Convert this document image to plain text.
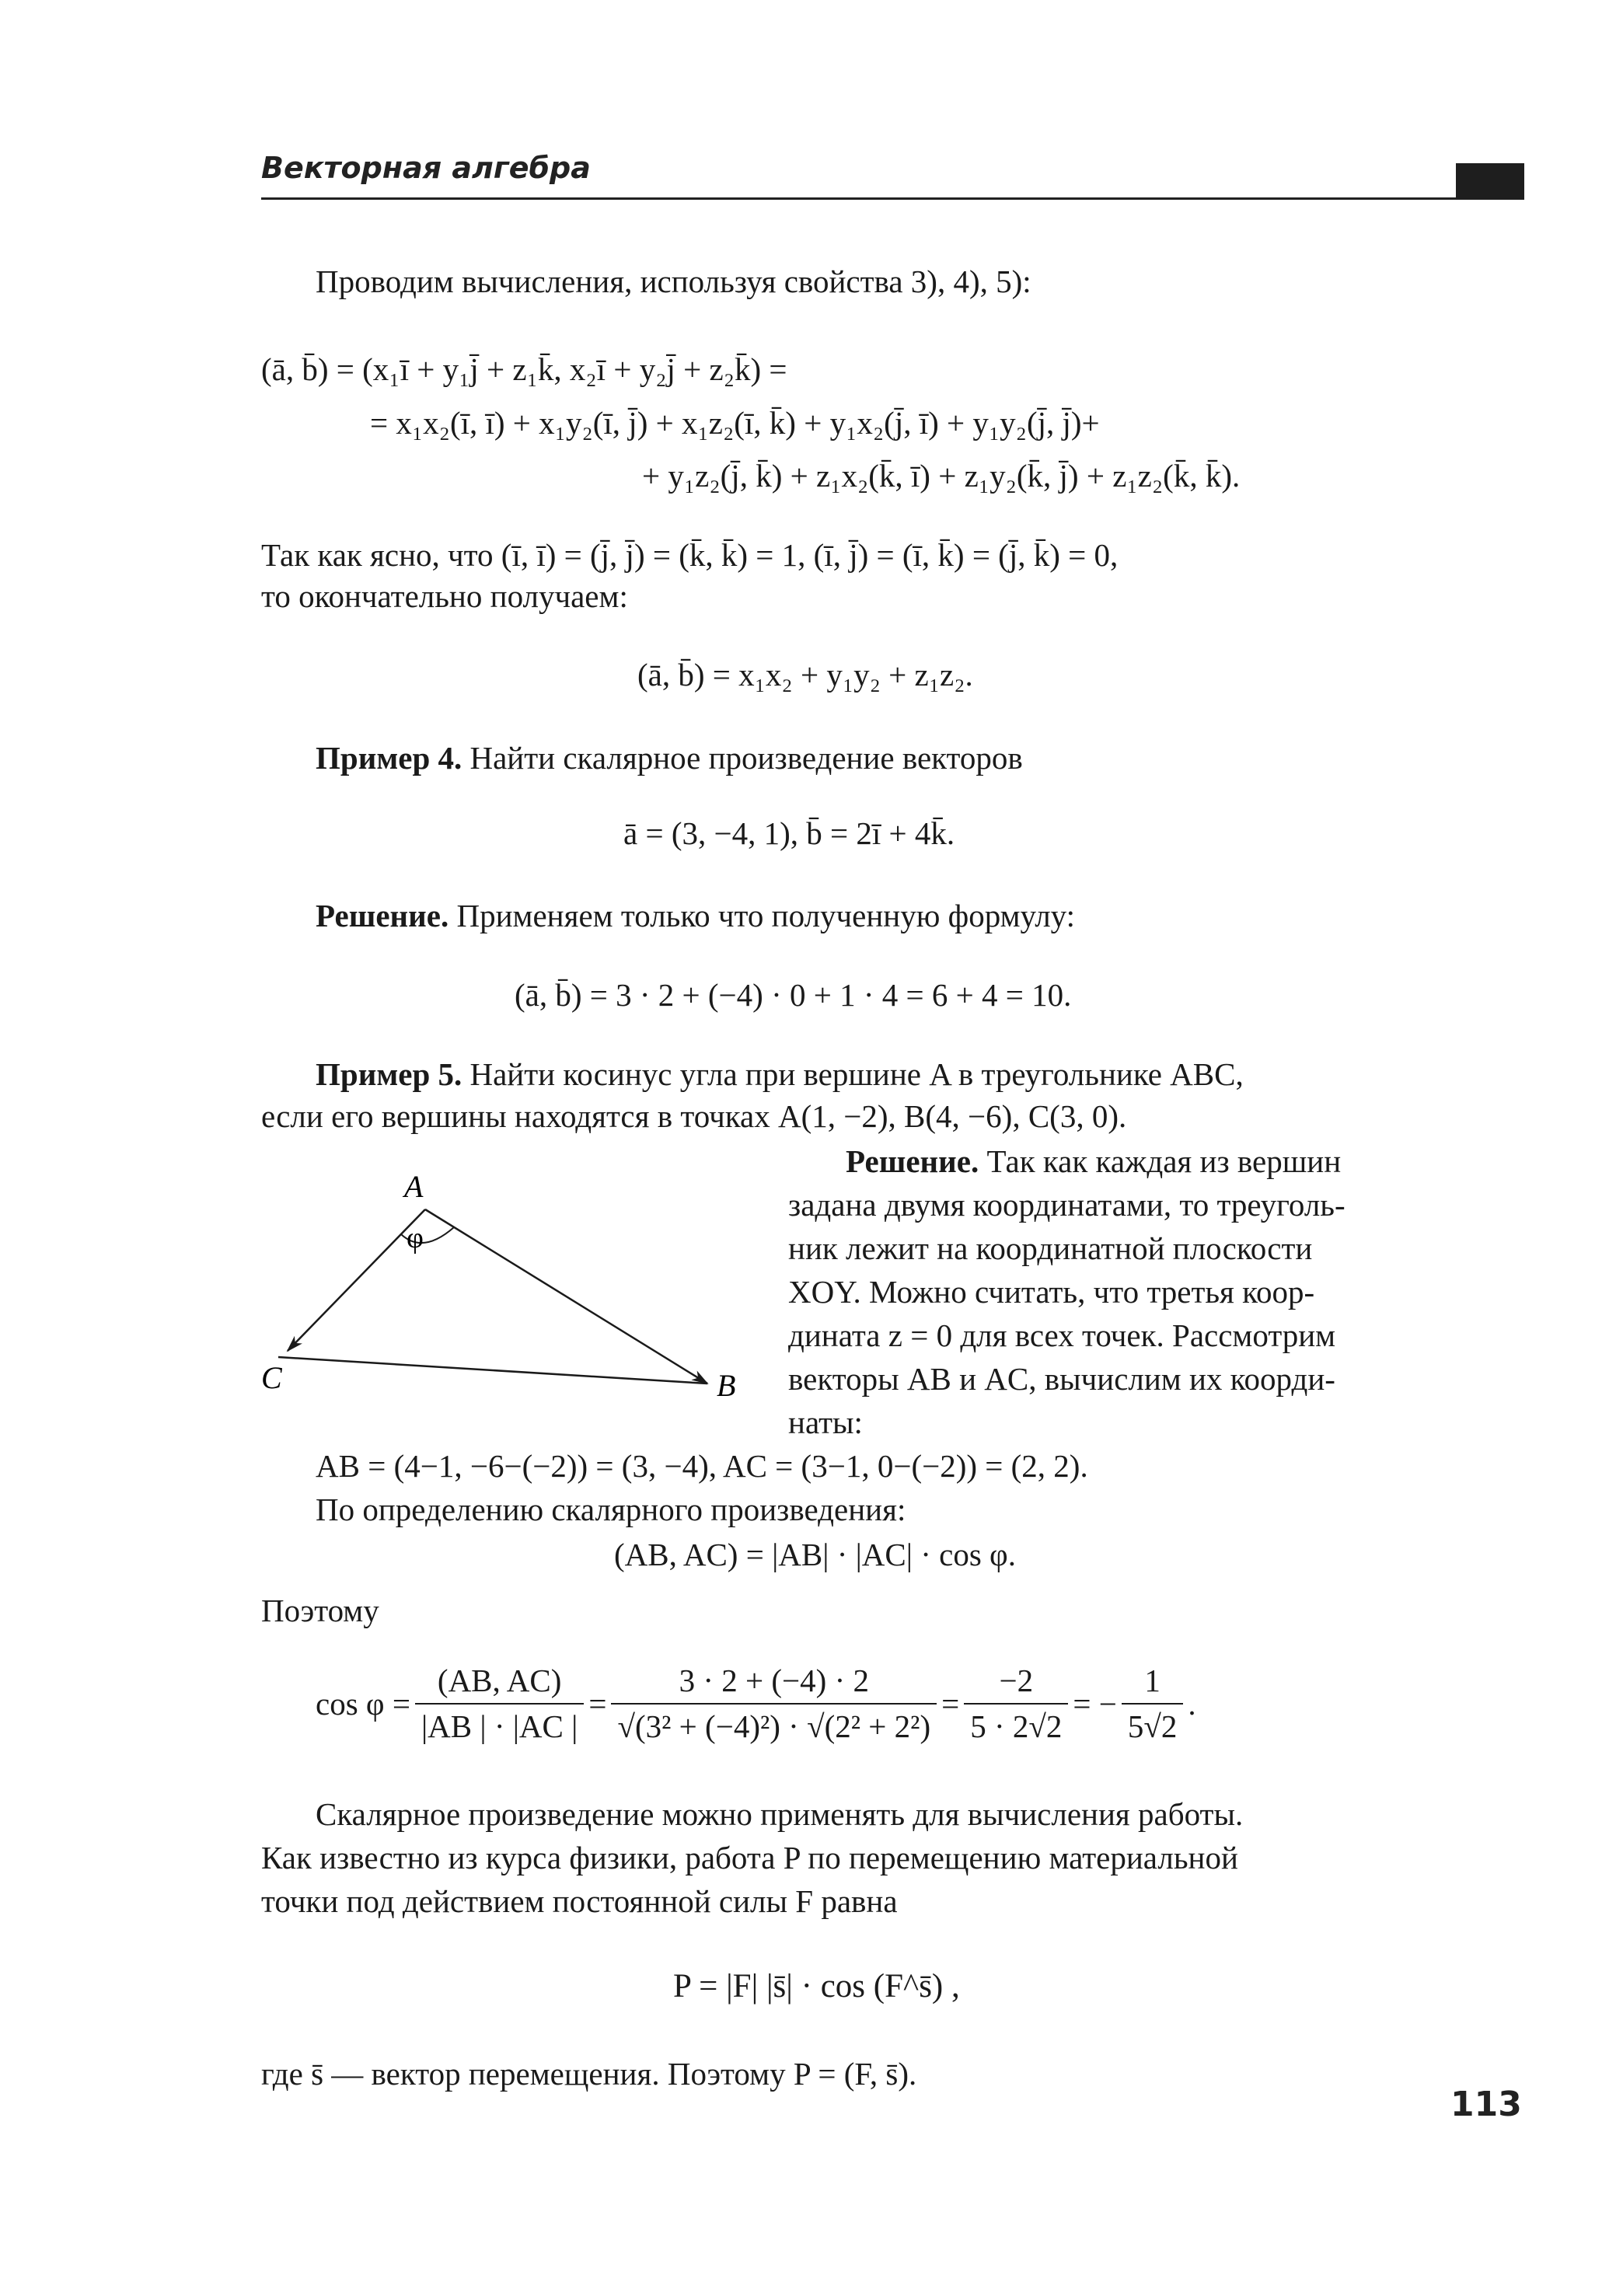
Векторная алгебра
Проводим вычисления, используя свойства 3), 4), 5):
(ā, b̄) = (x₁ī + y₁j̄ + z₁k̄, x₂ī + y₂j̄ + z₂k̄) =
= x₁x₂(ī, ī) + x₁y₂(ī, j̄) + x₁z₂(ī, k̄) + y₁x₂(j̄, ī) + y₁y₂(j̄, j̄)+
+ y₁z₂(j̄, k̄) + z₁x₂(k̄, ī) + z₁y₂(k̄, j̄) + z₁z₂(k̄, k̄).
Так как ясно, что (ī, ī) = (j̄, j̄) = (k̄, k̄) = 1, (ī, j̄) = (ī, k̄) = (j̄, k̄) = 0,
то окончательно получаем:
(ā, b̄) = x₁x₂ + y₁y₂ + z₁z₂.
Пример 4. Найти скалярное произведение векторов
ā = (3, −4, 1), b̄ = 2ī + 4k̄.
Решение. Применяем только что полученную формулу:
(ā, b̄) = 3 · 2 + (−4) · 0 + 1 · 4 = 6 + 4 = 10.
Пример 5. Найти косинус угла при вершине A в треугольнике ABC,
если его вершины находятся в точках A(1, −2), B(4, −6), C(3, 0).
A
φ
C	B
Решение. Так как каждая из вершин
задана двумя координатами, то треуголь-
ник лежит на координатной плоскости
XOY. Можно считать, что третья коор-
дината z = 0 для всех точек. Рассмотрим
векторы AB и AC, вычислим их коорди-
наты:
AB = (4−1, −6−(−2)) = (3, −4), AC = (3−1, 0−(−2)) = (2, 2).
По определению скалярного произведения:
(AB, AC) = |AB| · |AC| · cos φ.
Поэтому
$\cos \varphi = \frac{(AB, AC)}{|AB | \cdot |AC |} = \frac{3 \cdot 2 + (-4) \cdot 2}{\text{√(3² + (−4)²) · √(2² + 2²)}} = \frac{-2}{5 \cdot 2√2}$ = − $\frac{1}{5√2}$ .
Скалярное произведение можно применять для вычисления работы.
Как известно из курса физики, работа P по перемещению материальной
точки под действием постоянной силы F равна
P = |F| |s̄| · cos (F^s̄) ,
где s̄ — вектор перемещения. Поэтому P = (F, s̄).
113
